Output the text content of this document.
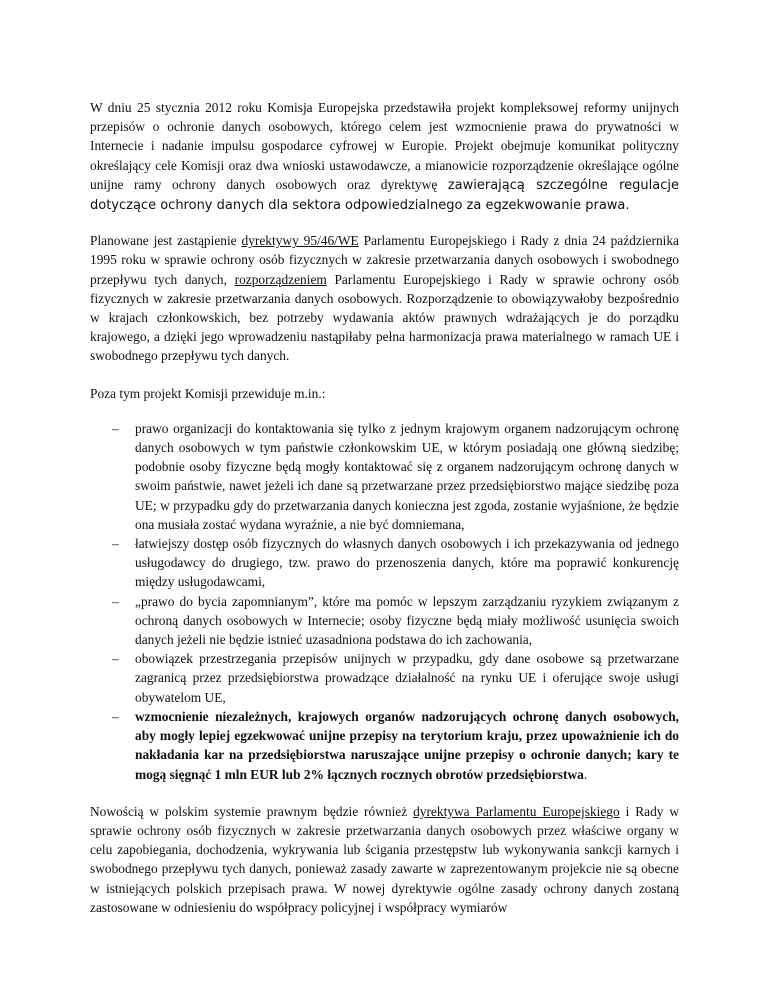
W dniu 25 stycznia 2012 roku Komisja Europejska przedstawiła projekt kompleksowej reformy unijnych przepisów o ochronie danych osobowych, którego celem jest wzmocnienie prawa do prywatności w Internecie i nadanie impulsu gospodarce cyfrowej w Europie. Projekt obejmuje komunikat polityczny określający cele Komisji oraz dwa wnioski ustawodawcze, a mianowicie rozporządzenie określające ogólne unijne ramy ochrony danych osobowych oraz dyrektywę zawierającą szczególne regulacje dotyczące ochrony danych dla sektora odpowiedzialnego za egzekwowanie prawa.

Planowane jest zastąpienie dyrektywy 95/46/WE Parlamentu Europejskiego i Rady z dnia 24 października 1995 roku w sprawie ochrony osób fizycznych w zakresie przetwarzania danych osobowych i swobodnego przepływu tych danych, rozporządzeniem Parlamentu Europejskiego i Rady w sprawie ochrony osób fizycznych w zakresie przetwarzania danych osobowych. Rozporządzenie to obowiązywałoby bezpośrednio w krajach członkowskich, bez potrzeby wydawania aktów prawnych wdrażających je do porządku krajowego, a dzięki jego wprowadzeniu nastąpiłaby pełna harmonizacja prawa materialnego w ramach UE i swobodnego przepływu tych danych.

Poza tym projekt Komisji przewiduje m.in.:

– prawo organizacji do kontaktowania się tylko z jednym krajowym organem nadzorującym ochronę danych osobowych w tym państwie członkowskim UE, w którym posiadają one główną siedzibę; podobnie osoby fizyczne będą mogły kontaktować się z organem nadzorującym ochronę danych w swoim państwie, nawet jeżeli ich dane są przetwarzane przez przedsiębiorstwo mające siedzibę poza UE; w przypadku gdy do przetwarzania danych konieczna jest zgoda, zostanie wyjaśnione, że będzie ona musiała zostać wydana wyraźnie, a nie być domniemana,
– łatwiejszy dostęp osób fizycznych do własnych danych osobowych i ich przekazywania od jednego usługodawcy do drugiego, tzw. prawo do przenoszenia danych, które ma poprawić konkurencję między usługodawcami,
– „prawo do bycia zapomnianym”, które ma pomóc w lepszym zarządzaniu ryzykiem związanym z ochroną danych osobowych w Internecie; osoby fizyczne będą miały możliwość usunięcia swoich danych jeżeli nie będzie istnieć uzasadniona podstawa do ich zachowania,
– obowiązek przestrzegania przepisów unijnych w przypadku, gdy dane osobowe są przetwarzane zagranicą przez przedsiębiorstwa prowadzące działalność na rynku UE i oferujące swoje usługi obywatelom UE,
– wzmocnienie niezależnych, krajowych organów nadzorujących ochronę danych osobowych, aby mogły lepiej egzekwować unijne przepisy na terytorium kraju, przez upoważnienie ich do nakładania kar na przedsiębiorstwa naruszające unijne przepisy o ochronie danych; kary te mogą sięgnąć 1 mln EUR lub 2% łącznych rocznych obrotów przedsiębiorstwa.

Nowością w polskim systemie prawnym będzie również dyrektywa Parlamentu Europejskiego i Rady w sprawie ochrony osób fizycznych w zakresie przetwarzania danych osobowych przez właściwe organy w celu zapobiegania, dochodzenia, wykrywania lub ścigania przestępstw lub wykonywania sankcji karnych i swobodnego przepływu tych danych, ponieważ zasady zawarte w zaprezentowanym projekcie nie są obecne w istniejących polskich przepisach prawa. W nowej dyrektywie ogólne zasady ochrony danych zostaną zastosowane w odniesieniu do współpracy policyjnej i współpracy wymiarów
